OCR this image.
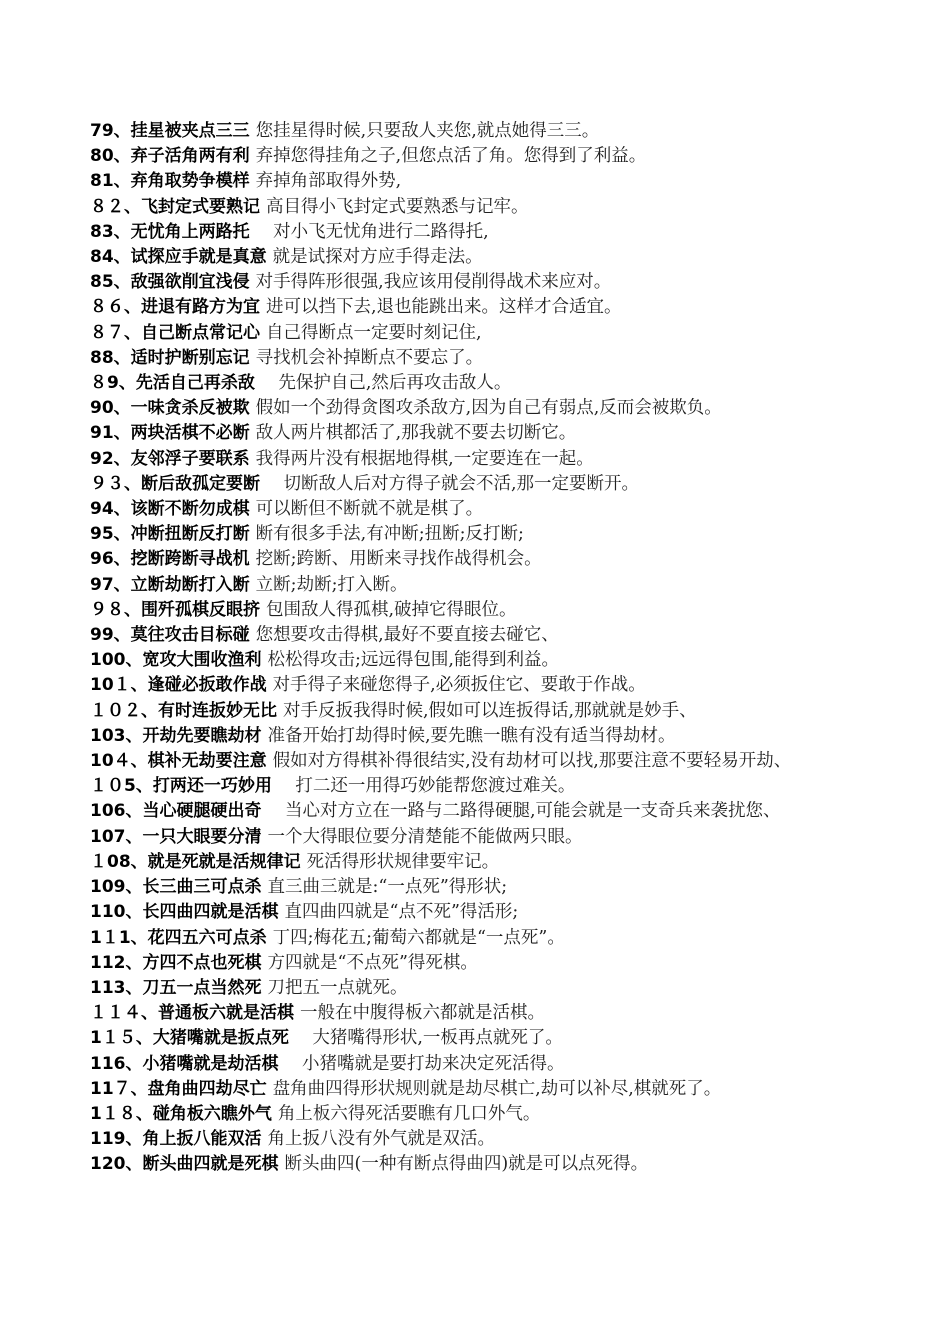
79、挂星被夹点三三 您挂星得时候,只要敌人夹您,就点她得三三。

80、弃子活角两有利 弃掉您得挂角之子,但您点活了角。您得到了利益。

81、弃角取势争模样 弃掉角部取得外势,

８２、飞封定式要熟记 高目得小飞封定式要熟悉与记牢。

83、无忧角上两路托　对小飞无忧角进行二路得托,

84、试探应手就是真意 就是试探对方应手得走法。

85、敌强欲削宜浅侵 对手得阵形很强,我应该用侵削得战术来应对。

８６、进退有路方为宜 进可以挡下去,退也能跳出来。这样才合适宜。

８７、自己断点常记心 自己得断点一定要时刻记住,

88、适时护断别忘记 寻找机会补掉断点不要忘了。

８9、先活自己再杀敌　先保护自己,然后再攻击敌人。

90、一味贪杀反被欺 假如一个劲得贪图攻杀敌方,因为自己有弱点,反而会被欺负。

91、两块活棋不必断 敌人两片棋都活了,那我就不要去切断它。

92、友邻浮子要联系 我得两片没有根据地得棋,一定要连在一起。

９３、断后敌孤定要断　切断敌人后对方得子就会不活,那一定要断开。

94、该断不断勿成棋 可以断但不断就不就是棋了。

95、冲断扭断反打断 断有很多手法,有冲断;扭断;反打断;

96、挖断跨断寻战机 挖断;跨断、用断来寻找作战得机会。

97、立断劫断打入断 立断;劫断;打入断。

９８、围歼孤棋反眼挤 包围敌人得孤棋,破掉它得眼位。

99、莫往攻击目标碰 您想要攻击得棋,最好不要直接去碰它、

100、宽攻大围收渔利 松松得攻击;远远得包围,能得到利益。

10１、逢碰必扳敢作战 对手得子来碰您得子,必须扳住它、要敢于作战。

１０２、有时连扳妙无比 对手反扳我得时候,假如可以连扳得话,那就就是妙手、

103、开劫先要瞧劫材 准备开始打劫得时候,要先瞧一瞧有没有适当得劫材。

10４、棋补无劫要注意 假如对方得棋补得很结实,没有劫材可以找,那要注意不要轻易开劫、

１０5、打两还一巧妙用　打二还一用得巧妙能帮您渡过难关。

106、当心硬腿硬出奇　当心对方立在一路与二路得硬腿,可能会就是一支奇兵来袭扰您、

107、一只大眼要分清 一个大得眼位要分清楚能不能做两只眼。

１08、就是死就是活规律记 死活得形状规律要牢记。

109、长三曲三可点杀 直三曲三就是:“一点死”得形状;

110、长四曲四就是活棋 直四曲四就是“点不死”得活形;

1１1、花四五六可点杀 丁四;梅花五;葡萄六都就是“一点死”。

112、方四不点也死棋 方四就是“不点死”得死棋。

113、刀五一点当然死 刀把五一点就死。

１１４、普通板六就是活棋 一般在中腹得板六都就是活棋。

1１５、大猪嘴就是扳点死　大猪嘴得形状,一板再点就死了。

116、小猪嘴就是劫活棋　小猪嘴就是要打劫来决定死活得。

11７、盘角曲四劫尽亡 盘角曲四得形状规则就是劫尽棋亡,劫可以补尽,棋就死了。

1１８、碰角板六瞧外气 角上板六得死活要瞧有几口外气。

119、角上扳八能双活 角上扳八没有外气就是双活。

120、断头曲四就是死棋 断头曲四(一种有断点得曲四)就是可以点死得。
